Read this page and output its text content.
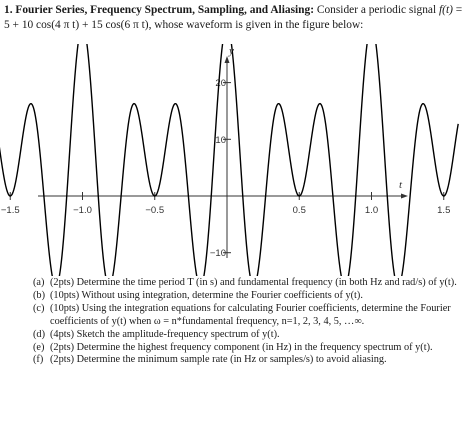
1. Fourier Series, Frequency Spectrum, Sampling, and Aliasing: Consider a periodic signal f(t) = 5 + 10 cos(4 π t) + 15 cos(6 π t), whose waveform is given in the figure below:
t
y
−1.5	−1.0	−0.5	0.5	1.0	1.5
20
10
−10
(a) (2pts) Determine the time period T (in s) and fundamental frequency (in both Hz and rad/s) of y(t).
(b) (10pts) Without using integration, determine the Fourier coefficients of y(t).
(c) (10pts) Using the integration equations for calculating Fourier coefficients, determine the Fourier coefficients of y(t) when ω = n*fundamental frequency, n=1, 2, 3, 4, 5, …∞.
(d) (4pts) Sketch the amplitude-frequency spectrum of y(t).
(e) (2pts) Determine the highest frequency component (in Hz) in the frequency spectrum of y(t).
(f) (2pts) Determine the minimum sample rate (in Hz or samples/s) to avoid aliasing.
